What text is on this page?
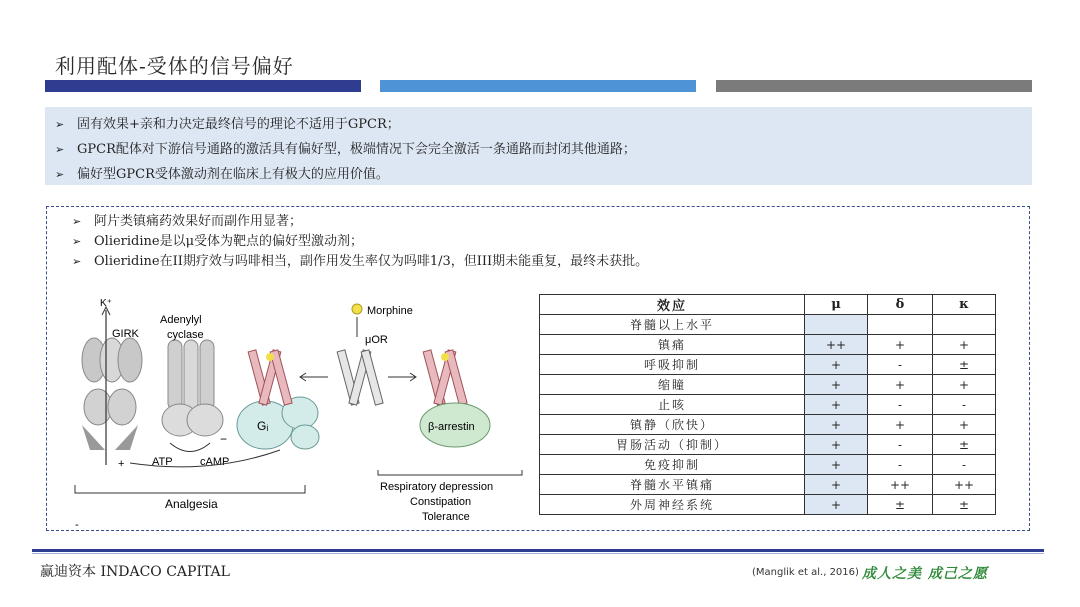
利用配体-受体的信号偏好
➢ 固有效果+亲和力决定最终信号的理论不适用于GPCR；
➢ GPCR配体对下游信号通路的激活具有偏好型，极端情况下会完全激活一条通路而封闭其他通路；
➢ 偏好型GPCR受体激动剂在临床上有极大的应用价值。
➢ 阿片类镇痛药效果好而副作用显著；
➢ Olieridine是以μ受体为靶点的偏好型激动剂；
➢ Olieridine在II期疗效与吗啡相当，副作用发生率仅为吗啡1/3，但III期未能重复，最终未获批。
K⁺
GIRK
Adenylyl
cyclase
Gᵢ
ATP cAMP
−
+
Analgesia
-
Morphine
μOR
β-arrestin
Respiratory depression
Constipation
Tolerance
效应	μ	δ	κ
脊髓以上水平			
镇痛	++	+	+
呼吸抑制	+	-	±
缩瞳	+	+	+
止咳	+	-	-
镇静（欣快）	+	+	+
胃肠活动（抑制）	+	-	±
免疫抑制	+	-	-
脊髓水平镇痛	+	++	++
外周神经系统	+	±	±
赢迪资本 INDACO CAPITAL	(Manglik et al., 2016) 成人之美 成己之愿
